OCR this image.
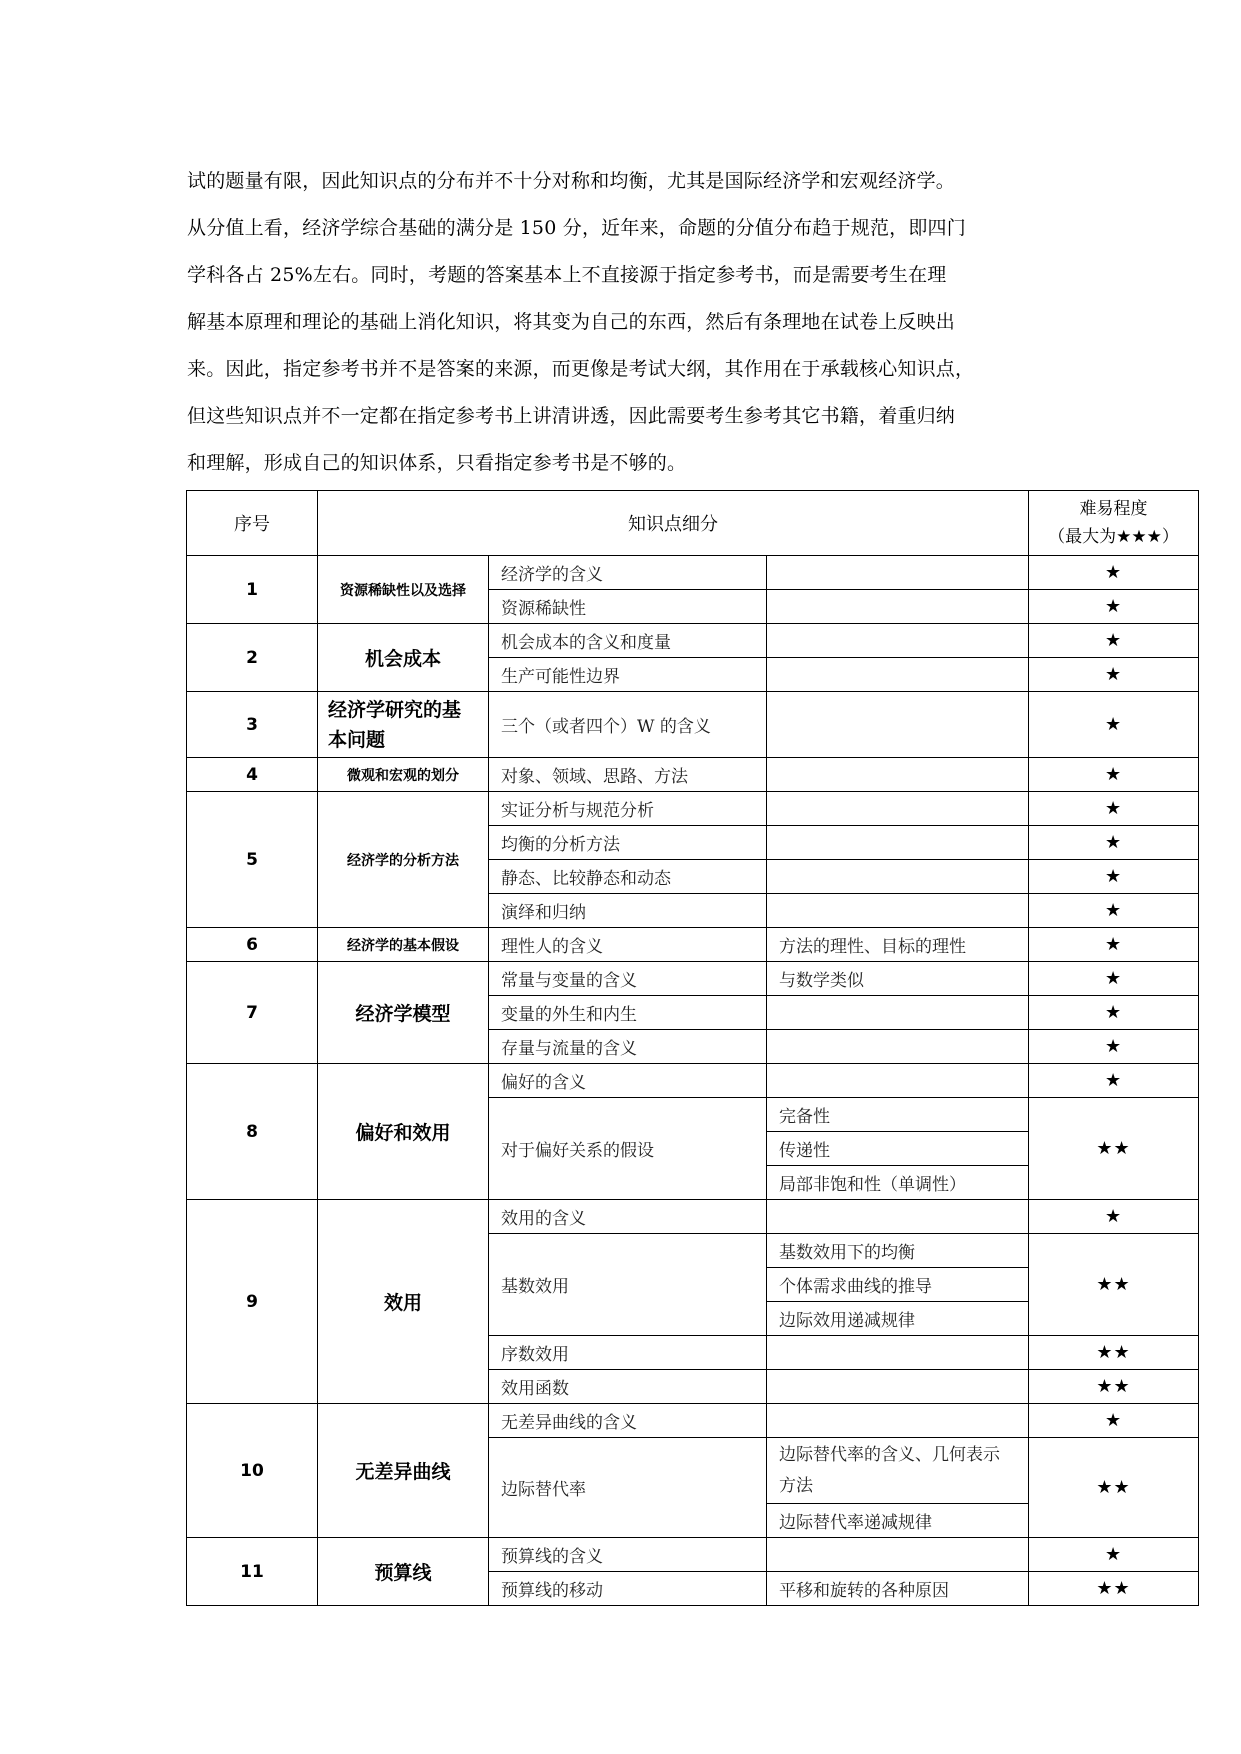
试的题量有限，因此知识点的分布并不十分对称和均衡，尤其是国际经济学和宏观经济学。
从分值上看，经济学综合基础的满分是 150 分，近年来，命题的分值分布趋于规范，即四门
学科各占 25%左右。同时，考题的答案基本上不直接源于指定参考书，而是需要考生在理
解基本原理和理论的基础上消化知识，将其变为自己的东西，然后有条理地在试卷上反映出
来。因此，指定参考书并不是答案的来源，而更像是考试大纲，其作用在于承载核心知识点，
但这些知识点并不一定都在指定参考书上讲清讲透，因此需要考生参考其它书籍，着重归纳
和理解，形成自己的知识体系，只看指定参考书是不够的。
序号	知识点细分			难易程度
（最大为★★★）

1	资源稀缺性以及选择	经济学的含义		★
		资源稀缺性		★
2	机会成本	机会成本的含义和度量		★
		生产可能性边界		★
3	经济学研究的基本问题	三个（或者四个）W 的含义		★
4	微观和宏观的划分	对象、领域、思路、方法		★
5	经济学的分析方法	实证分析与规范分析		★
		均衡的分析方法		★
		静态、比较静态和动态		★
		演绎和归纳		★
6	经济学的基本假设	理性人的含义	方法的理性、目标的理性	★
7	经济学模型	常量与变量的含义	与数学类似	★
		变量的外生和内生		★
		存量与流量的含义		★
8	偏好和效用	偏好的含义		★
		对于偏好关系的假设	完备性	★★
			传递性	
			局部非饱和性（单调性）	
9	效用	效用的含义		★
		基数效用	基数效用下的均衡	★★
			个体需求曲线的推导	
			边际效用递减规律	
		序数效用		★★
		效用函数		★★
10	无差异曲线	无差异曲线的含义		★
		边际替代率	边际替代率的含义、几何表示方法	★★
			边际替代率递减规律	
11	预算线	预算线的含义		★
		预算线的移动	平移和旋转的各种原因	★★
